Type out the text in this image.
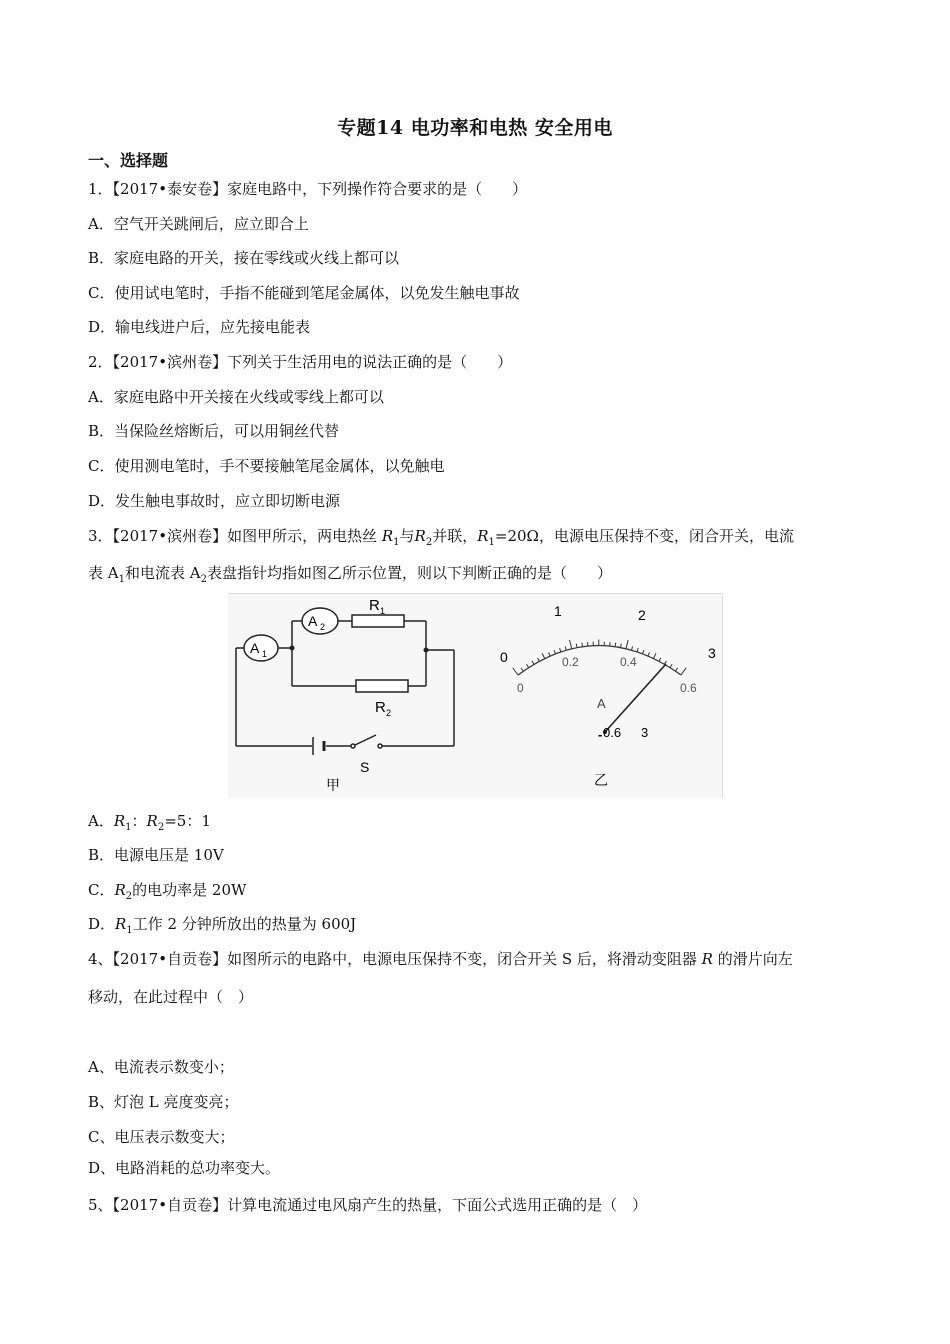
专题14 电功率和电热 安全用电
一、选择题
1．【2017•泰安卷】家庭电路中，下列操作符合要求的是（　　）
A．空气开关跳闸后，应立即合上
B．家庭电路的开关，接在零线或火线上都可以
C．使用试电笔时，手指不能碰到笔尾金属体，以免发生触电事故
D．输电线进户后，应先接电能表
2．【2017•滨州卷】下列关于生活用电的说法正确的是（　　）
A．家庭电路中开关接在火线或零线上都可以
B．当保险丝熔断后，可以用铜丝代替
C．使用测电笔时，手不要接触笔尾金属体，以免触电
D．发生触电事故时，应立即切断电源
3．【2017•滨州卷】如图甲所示，两电热丝 $R_1$与$R_2$并联，$R_1=20\Omega$，电源电压保持不变，闭合开关，电流
表 $A_1$和电流表 $A_2$表盘指针均指如图乙所示位置，则以下判断正确的是（　　）
A 1
A 2
R 1
R 2
S
甲
0
1	2
3
0
0.2	0.4
0.6
A
- 0.6 3
乙
A．$R_1$：$R_2=5$：1
B．电源电压是 10V
C．$R_2$的电功率是 20W
D．$R_1$工作 2 分钟所放出的热量为 600J
4、【2017•自贡卷】如图所示的电路中，电源电压保持不变，闭合开关 S 后，将滑动变阻器 R 的滑片向左
移动，在此过程中（　）
A、电流表示数变小；
B、灯泡 L 亮度变亮；
C、电压表示数变大；
D、电路消耗的总功率变大。
5、【2017•自贡卷】计算电流通过电风扇产生的热量，下面公式选用正确的是（　）
